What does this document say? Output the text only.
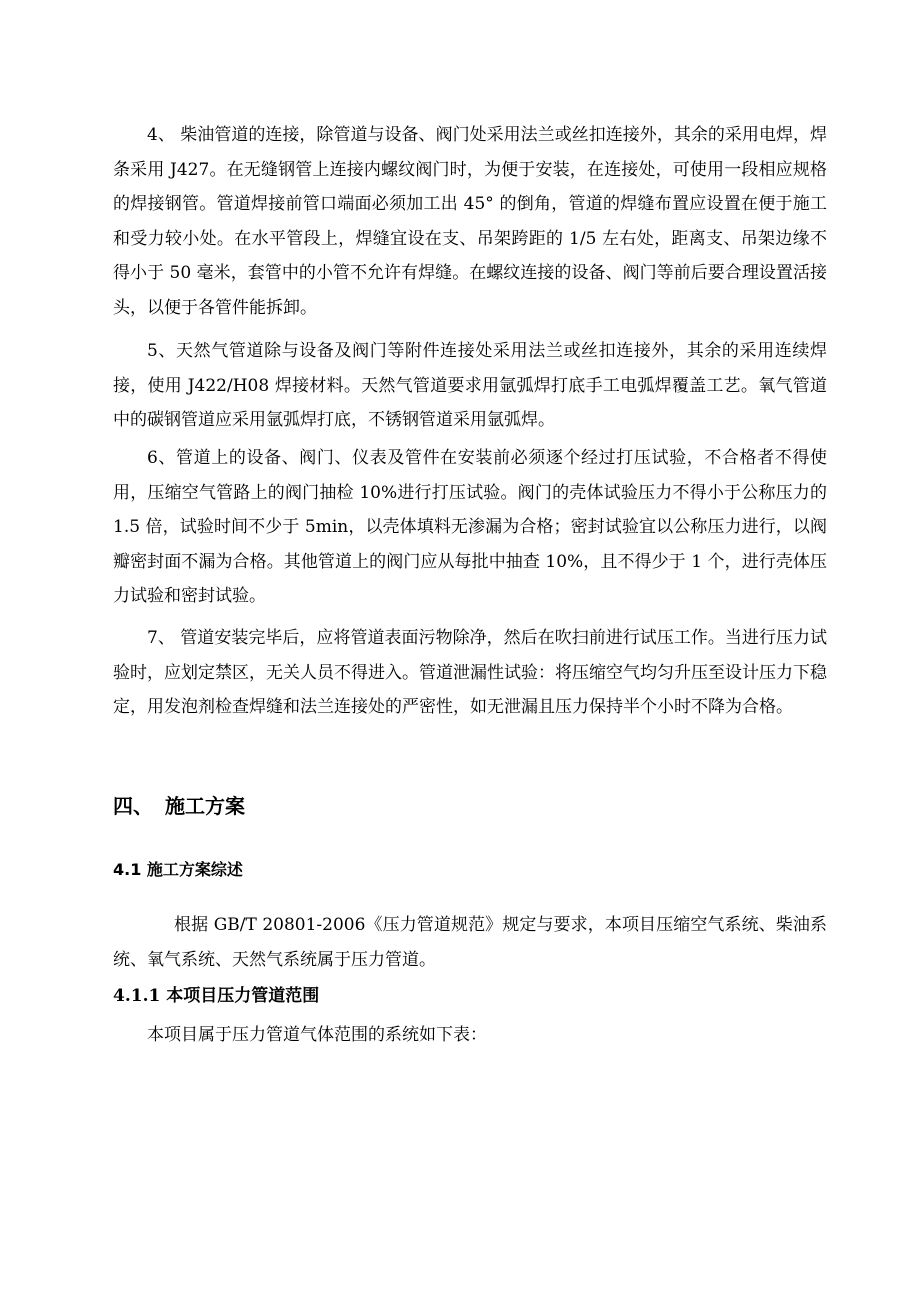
4、 柴油管道的连接，除管道与设备、阀门处采用法兰或丝扣连接外，其余的采用电焊，焊条采用 J427。在无缝钢管上连接内螺纹阀门时，为便于安装，在连接处，可使用一段相应规格的焊接钢管。管道焊接前管口端面必须加工出 45° 的倒角，管道的焊缝布置应设置在便于施工和受力较小处。在水平管段上，焊缝宜设在支、吊架跨距的 1/5 左右处，距离支、吊架边缘不得小于 50 毫米，套管中的小管不允许有焊缝。在螺纹连接的设备、阀门等前后要合理设置活接头，以便于各管件能拆卸。

5、天然气管道除与设备及阀门等附件连接处采用法兰或丝扣连接外，其余的采用连续焊接，使用 J422/H08 焊接材料。天然气管道要求用氩弧焊打底手工电弧焊覆盖工艺。氧气管道中的碳钢管道应采用氩弧焊打底，不锈钢管道采用氩弧焊。

6、管道上的设备、阀门、仪表及管件在安装前必须逐个经过打压试验，不合格者不得使用，压缩空气管路上的阀门抽检 10%进行打压试验。阀门的壳体试验压力不得小于公称压力的 1.5 倍，试验时间不少于 5min，以壳体填料无渗漏为合格；密封试验宜以公称压力进行，以阀瓣密封面不漏为合格。其他管道上的阀门应从每批中抽查 10%，且不得少于 1 个，进行壳体压力试验和密封试验。

7、 管道安装完毕后，应将管道表面污物除净，然后在吹扫前进行试压工作。当进行压力试验时，应划定禁区，无关人员不得进入。管道泄漏性试验：将压缩空气均匀升压至设计压力下稳定，用发泡剂检查焊缝和法兰连接处的严密性，如无泄漏且压力保持半个小时不降为合格。

四、 施工方案
4.1 施工方案综述

根据 GB/T 20801-2006《压力管道规范》规定与要求，本项目压缩空气系统、柴油系统、氧气系统、天然气系统属于压力管道。

4.1.1 本项目压力管道范围

本项目属于压力管道气体范围的系统如下表：
